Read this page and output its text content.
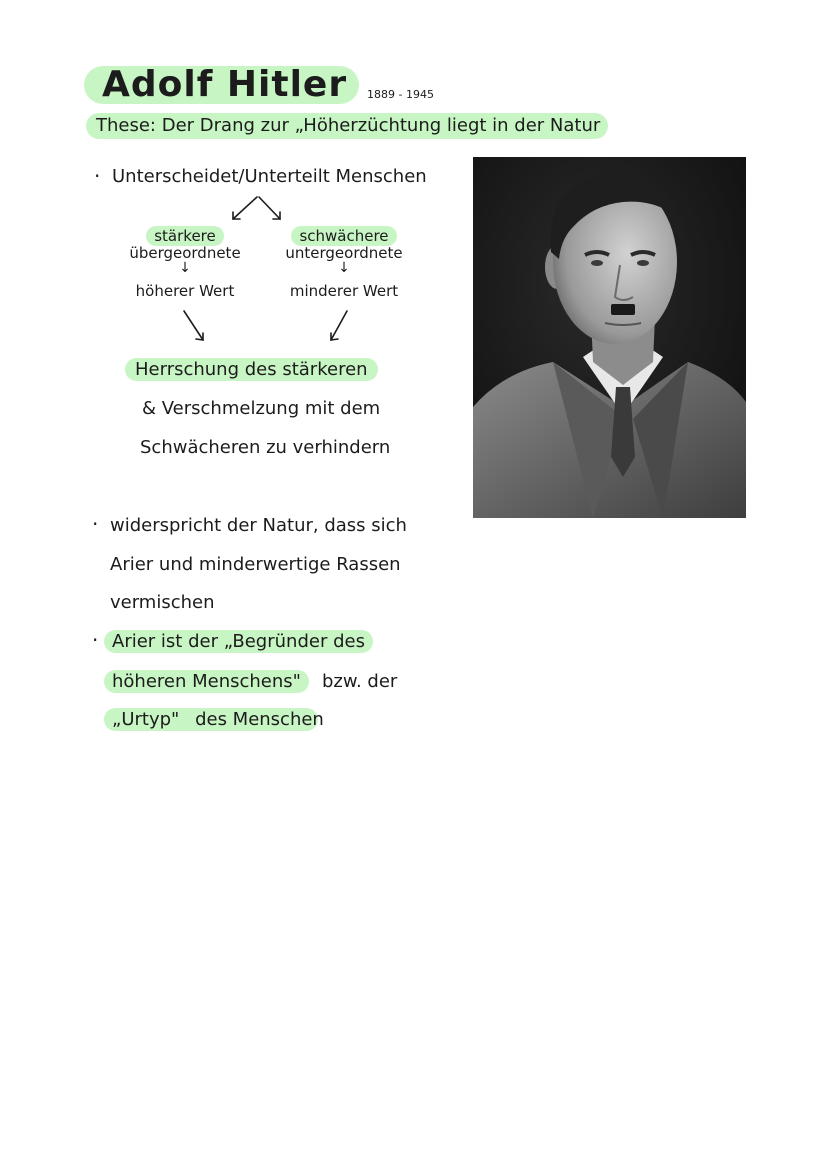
Adolf Hitler	1889 - 1945
These: Der Drang zur „Höherzüchtung liegt in der Natur
· Unterscheidet/Unterteilt Menschen
stärkere
übergeordnete
↓
höherer Wert
schwächere
untergeordnete
↓
minderer Wert
Herrschung des stärkeren
& Verschmelzung mit dem
Schwächeren zu verhindern
· widerspricht der Natur, dass sich
Arier und minderwertige Rassen
vermischen
· Arier ist der „Begründer des
höheren Menschens"	bzw. der
„Urtyp" des Menschen
